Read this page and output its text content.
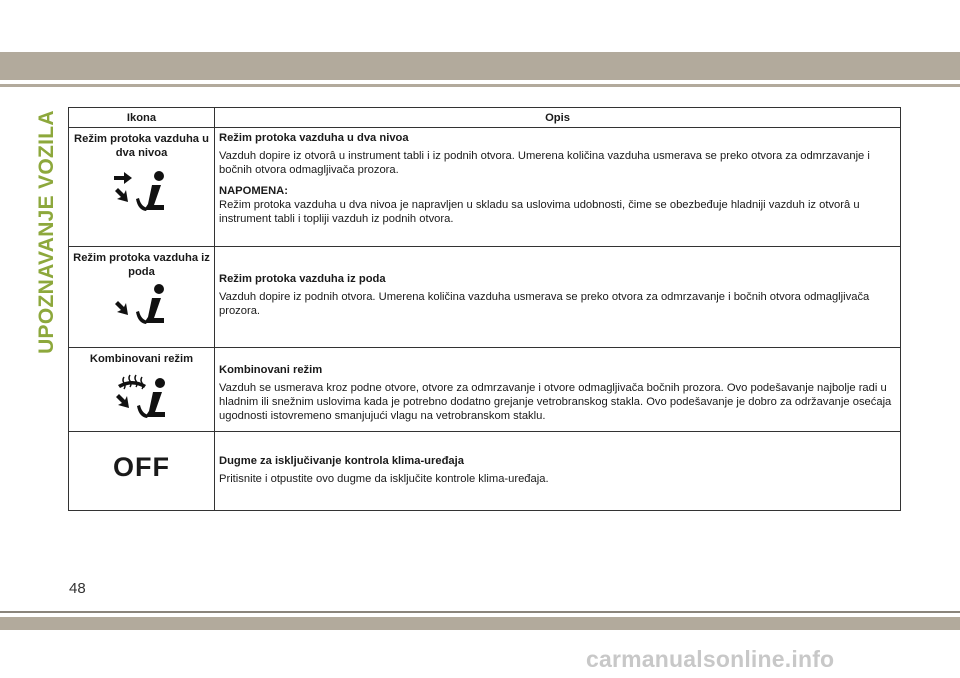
UPOZNAVANJE VOZILA	Ikona	Opis

Režim protoka vazduha u dva nivoa	Režim protoka vazduha u dva nivoa
Vazduh dopire iz otvorâ u instrument tabli i iz podnih otvora. Umerena količina vazduha usmerava se preko otvora za odmrzavanje i bočnih otvora odmagljivača prozora.
NAPOMENA:
Režim protoka vazduha u dva nivoa je napravljen u skladu sa uslovima udobnosti, čime se obezbeđuje hladniji vazduh iz otvorâ u instrument tabli i topliji vazduh iz podnih otvora.

Režim protoka vazduha iz poda	Režim protoka vazduha iz poda
Vazduh dopire iz podnih otvora. Umerena količina vazduha usmerava se preko otvora za odmrzavanje i bočnih otvora odmagljivača prozora.

Kombinovani režim	Kombinovani režim
Vazduh se usmerava kroz podne otvore, otvore za odmrzavanje i otvore odmagljivača bočnih prozora. Ovo podešavanje najbolje radi u hladnim ili snežnim uslovima kada je potrebno dodatno grejanje vetrobranskog stakla. Ovo podešavanje je dobro za održavanje osećaja ugodnosti istovremeno smanjujući vlagu na vetrobranskom staklu.

OFF	Dugme za isključivanje kontrola klima-uređaja
Pritisnite i otpustite ovo dugme da isključite kontrole klima-uređaja.
48
carmanualsonline.info
